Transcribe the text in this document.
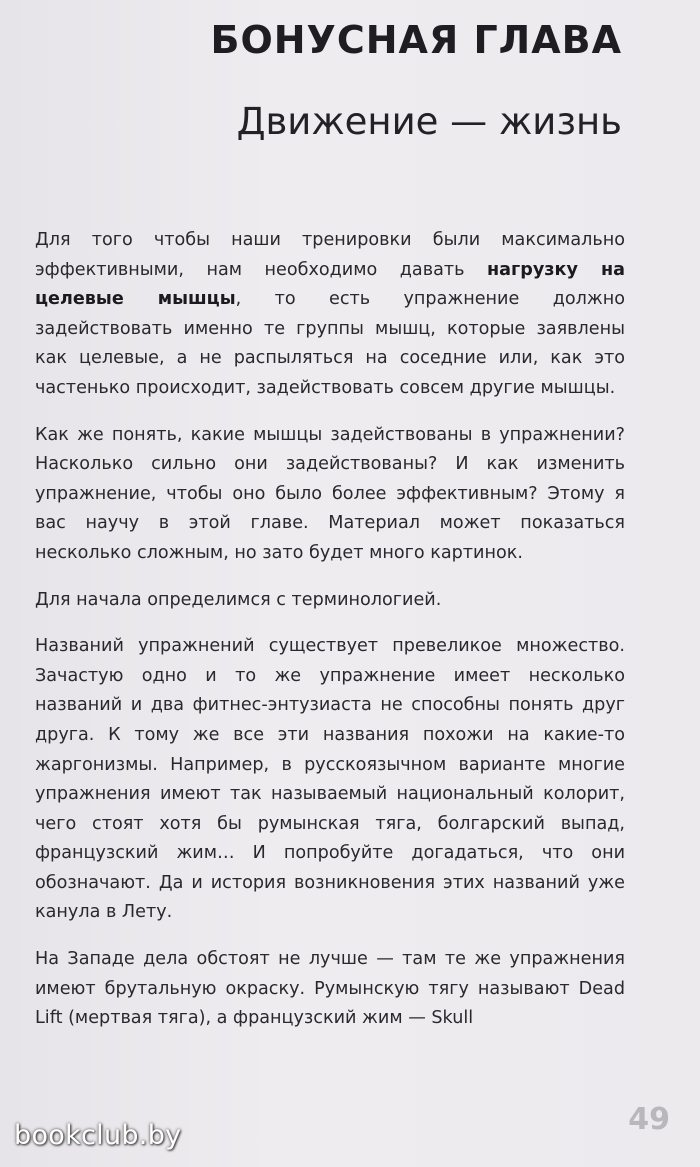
БОНУСНАЯ ГЛАВА
Движение — жизнь

Для того чтобы наши тренировки были максимально эффективными, нам необходимо давать нагрузку на целевые мышцы, то есть упражнение должно задействовать именно те группы мышц, которые заявлены как целевые, а не распыляться на соседние или, как это частенько происходит, задействовать совсем другие мышцы.

Как же понять, какие мышцы задействованы в упражнении? Насколько сильно они задействованы? И как изменить упражнение, чтобы оно было более эффективным? Этому я вас научу в этой главе. Материал может показаться несколько сложным, но зато будет много картинок.

Для начала определимся с терминологией.

Названий упражнений существует превеликое множество. Зачастую одно и то же упражнение имеет несколько названий и два фитнес-энтузиаста не способны понять друг друга. К тому же все эти названия похожи на какие-то жаргонизмы. Например, в русскоязычном варианте многие упражнения имеют так называемый национальный колорит, чего стоят хотя бы румынская тяга, болгарский выпад, французский жим… И попробуйте догадаться, что они обозначают. Да и история возникновения этих названий уже канула в Лету.

На Западе дела обстоят не лучше — там те же упражнения имеют брутальную окраску. Румынскую тягу называют Dead Lift (мертвая тяга), а французский жим — Skull

49
bookclub.by
